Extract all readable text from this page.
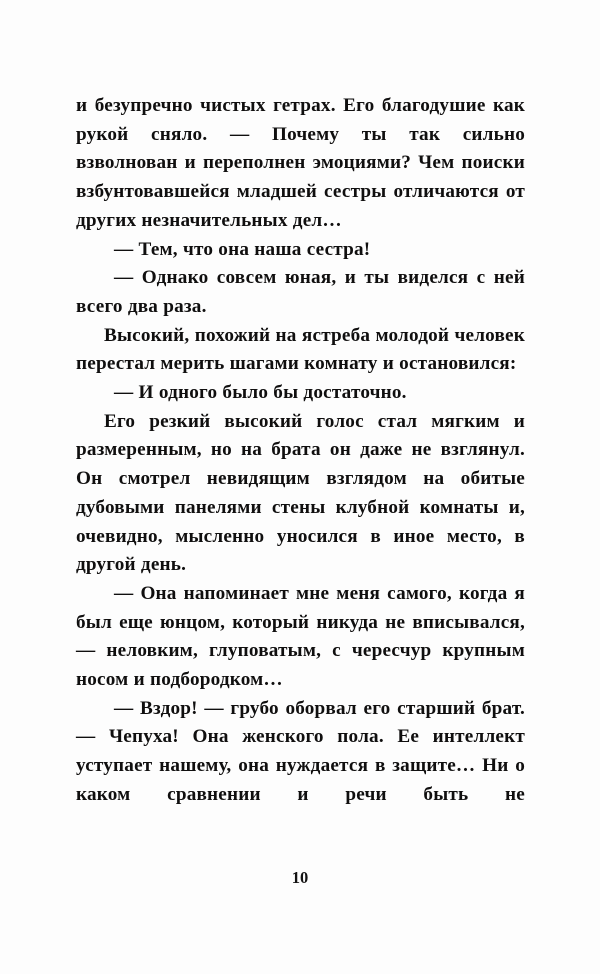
и безупречно чистых гетрах. Его благодушие как рукой сняло. — Почему ты так сильно взволнован и переполнен эмоциями? Чем поиски взбунтовавшейся младшей сестры отличаются от других незначительных дел…

— Тем, что она наша сестра!

— Однако совсем юная, и ты виделся с ней всего два раза.

Высокий, похожий на ястреба молодой человек перестал мерить шагами комнату и остановился:

— И одного было бы достаточно.

Его резкий высокий голос стал мягким и размеренным, но на брата он даже не взглянул. Он смотрел невидящим взглядом на обитые дубовыми панелями стены клубной комнаты и, очевидно, мысленно уносился в иное место, в другой день.

— Она напоминает мне меня самого, когда я был еще юнцом, который никуда не вписывался, — неловким, глуповатым, с чересчур крупным носом и подбородком…

— Вздор! — грубо оборвал его старший брат. — Чепуха! Она женского пола. Ее интеллект уступает нашему, она нуждается в защите… Ни о каком сравнении и речи быть не

10
